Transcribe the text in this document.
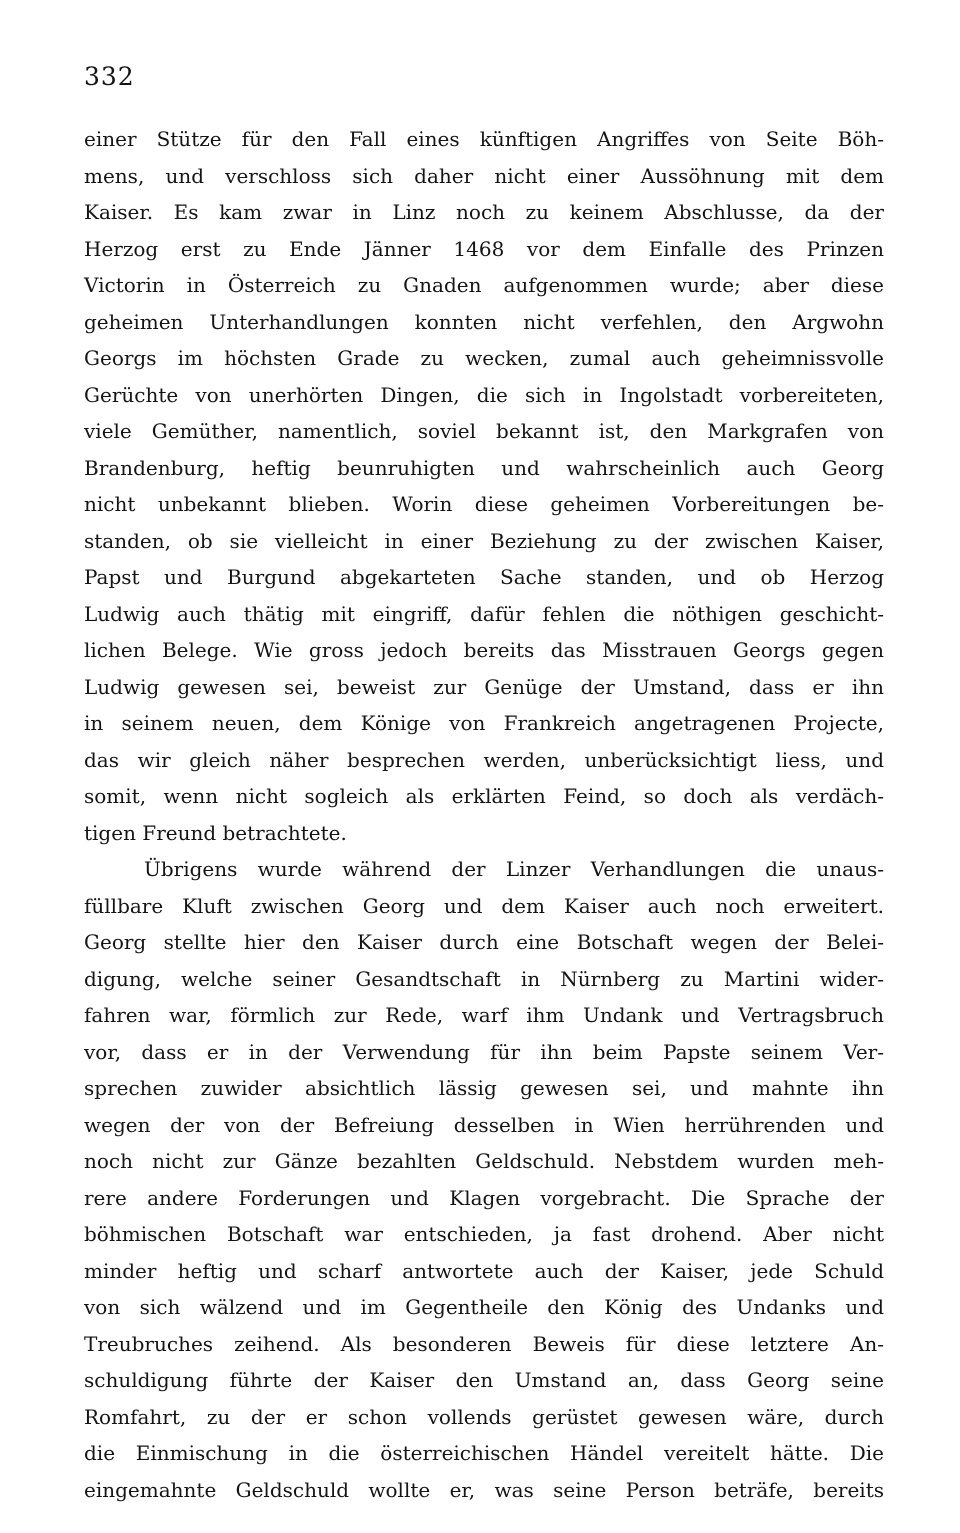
332
einer Stütze für den Fall eines künftigen Angriffes von Seite Böh-
mens, und verschloss sich daher nicht einer Aussöhnung mit dem
Kaiser. Es kam zwar in Linz noch zu keinem Abschlusse, da der
Herzog erst zu Ende Jänner 1468 vor dem Einfalle des Prinzen
Victorin in Österreich zu Gnaden aufgenommen wurde; aber diese
geheimen Unterhandlungen konnten nicht verfehlen, den Argwohn
Georgs im höchsten Grade zu wecken, zumal auch geheimnissvolle
Gerüchte von unerhörten Dingen, die sich in Ingolstadt vorbereiteten,
viele Gemüther, namentlich, soviel bekannt ist, den Markgrafen von
Brandenburg, heftig beunruhigten und wahrscheinlich auch Georg
nicht unbekannt blieben. Worin diese geheimen Vorbereitungen be-
standen, ob sie vielleicht in einer Beziehung zu der zwischen Kaiser,
Papst und Burgund abgekarteten Sache standen, und ob Herzog
Ludwig auch thätig mit eingriff, dafür fehlen die nöthigen geschicht-
lichen Belege. Wie gross jedoch bereits das Misstrauen Georgs gegen
Ludwig gewesen sei, beweist zur Genüge der Umstand, dass er ihn
in seinem neuen, dem Könige von Frankreich angetragenen Projecte,
das wir gleich näher besprechen werden, unberücksichtigt liess, und
somit, wenn nicht sogleich als erklärten Feind, so doch als verdäch-
tigen Freund betrachtete.
Übrigens wurde während der Linzer Verhandlungen die unaus-
füllbare Kluft zwischen Georg und dem Kaiser auch noch erweitert.
Georg stellte hier den Kaiser durch eine Botschaft wegen der Belei-
digung, welche seiner Gesandtschaft in Nürnberg zu Martini wider-
fahren war, förmlich zur Rede, warf ihm Undank und Vertragsbruch
vor, dass er in der Verwendung für ihn beim Papste seinem Ver-
sprechen zuwider absichtlich lässig gewesen sei, und mahnte ihn
wegen der von der Befreiung desselben in Wien herrührenden und
noch nicht zur Gänze bezahlten Geldschuld. Nebstdem wurden meh-
rere andere Forderungen und Klagen vorgebracht. Die Sprache der
böhmischen Botschaft war entschieden, ja fast drohend. Aber nicht
minder heftig und scharf antwortete auch der Kaiser, jede Schuld
von sich wälzend und im Gegentheile den König des Undanks und
Treubruches zeihend. Als besonderen Beweis für diese letztere An-
schuldigung führte der Kaiser den Umstand an, dass Georg seine
Romfahrt, zu der er schon vollends gerüstet gewesen wäre, durch
die Einmischung in die österreichischen Händel vereitelt hätte. Die
eingemahnte Geldschuld wollte er, was seine Person beträfe, bereits
